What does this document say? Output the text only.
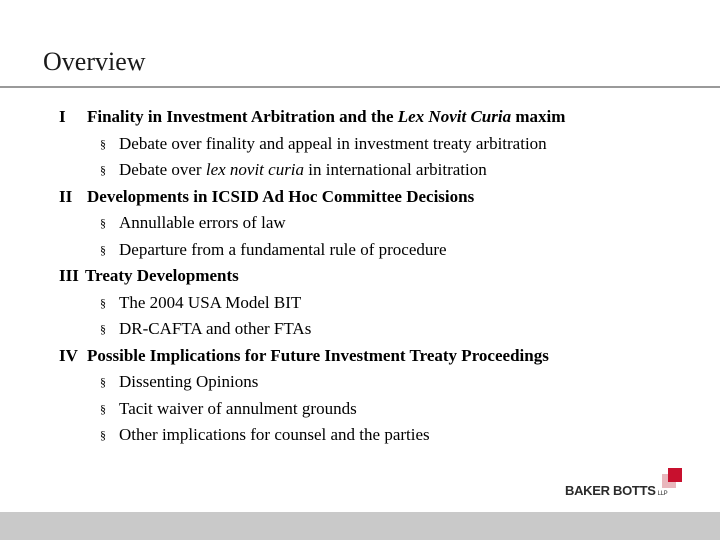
Overview
I Finality in Investment Arbitration and the Lex Novit Curia maxim
§ Debate over finality and appeal in investment treaty arbitration
§ Debate over lex novit curia in international arbitration
II Developments in ICSID Ad Hoc Committee Decisions
§ Annullable errors of law
§ Departure from a fundamental rule of procedure
III Treaty Developments
§ The 2004 USA Model BIT
§ DR-CAFTA and other FTAs
IV Possible Implications for Future Investment Treaty Proceedings
§ Dissenting Opinions
§ Tacit waiver of annulment grounds
§ Other implications for counsel and the parties
BAKER BOTTS LLP
